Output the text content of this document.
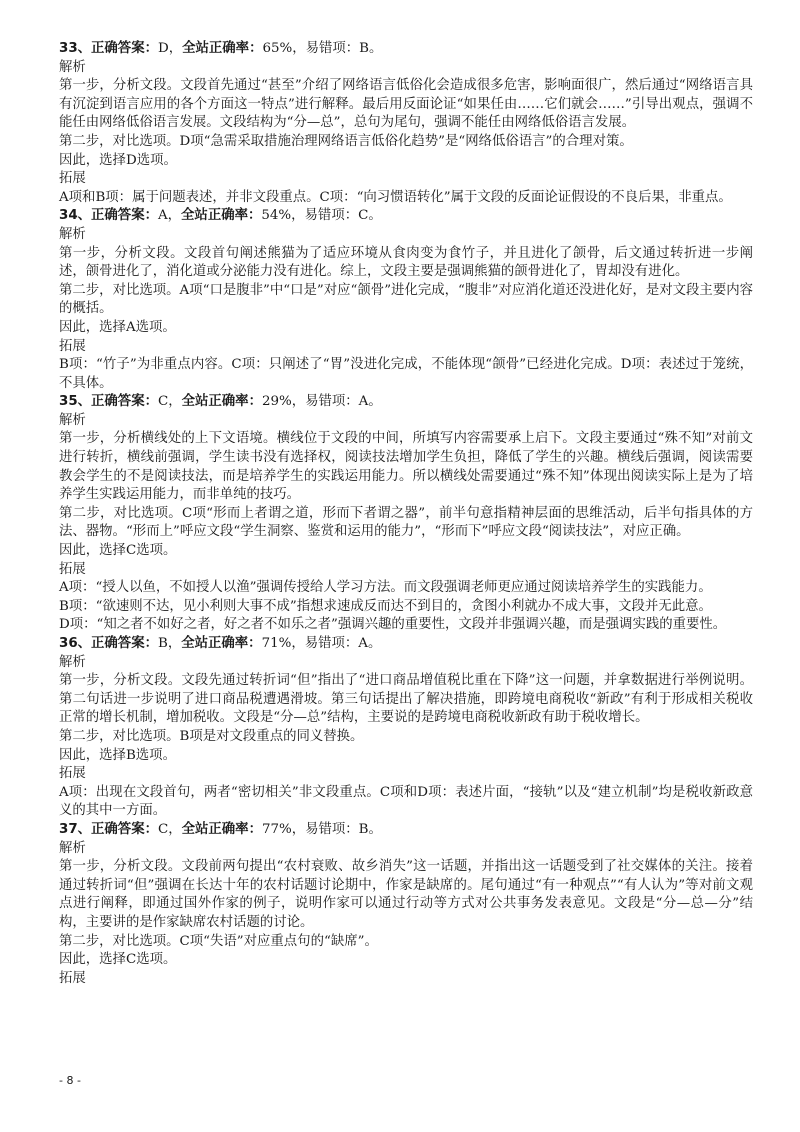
33、正确答案：D，全站正确率：65%，易错项：B。
解析
第一步，分析文段。文段首先通过“甚至”介绍了网络语言低俗化会造成很多危害，影响面很广，然后通过“网络语言具有沉淀到语言应用的各个方面这一特点”进行解释。最后用反面论证“如果任由……它们就会……”引导出观点，强调不能任由网络低俗语言发展。文段结构为“分—总”，总句为尾句，强调不能任由网络低俗语言发展。
第二步，对比选项。D项“急需采取措施治理网络语言低俗化趋势”是“网络低俗语言”的合理对策。
因此，选择D选项。
拓展
A项和B项：属于问题表述，并非文段重点。C项：“向习惯语转化”属于文段的反面论证假设的不良后果，非重点。
34、正确答案：A，全站正确率：54%，易错项：C。
解析
第一步，分析文段。文段首句阐述熊猫为了适应环境从食肉变为食竹子，并且进化了颌骨，后文通过转折进一步阐述，颌骨进化了，消化道或分泌能力没有进化。综上，文段主要是强调熊猫的颌骨进化了，胃却没有进化。
第二步，对比选项。A项“口是腹非”中“口是”对应“颌骨”进化完成，“腹非”对应消化道还没进化好，是对文段主要内容的概括。
因此，选择A选项。
拓展
B项：“竹子”为非重点内容。C项：只阐述了“胃”没进化完成，不能体现“颌骨”已经进化完成。D项：表述过于笼统，不具体。
35、正确答案：C，全站正确率：29%，易错项：A。
解析
第一步，分析横线处的上下文语境。横线位于文段的中间，所填写内容需要承上启下。文段主要通过“殊不知”对前文进行转折，横线前强调，学生读书没有选择权，阅读技法增加学生负担，降低了学生的兴趣。横线后强调，阅读需要教会学生的不是阅读技法，而是培养学生的实践运用能力。所以横线处需要通过“殊不知”体现出阅读实际上是为了培养学生实践运用能力，而非单纯的技巧。
第二步，对比选项。C项“形而上者谓之道，形而下者谓之器”，前半句意指精神层面的思维活动，后半句指具体的方法、器物。“形而上”呼应文段“学生洞察、鉴赏和运用的能力”，“形而下”呼应文段“阅读技法”，对应正确。
因此，选择C选项。
拓展
A项：“授人以鱼，不如授人以渔”强调传授给人学习方法。而文段强调老师更应通过阅读培养学生的实践能力。
B项：“欲速则不达，见小利则大事不成”指想求速成反而达不到目的，贪图小利就办不成大事，文段并无此意。
D项：“知之者不如好之者，好之者不如乐之者”强调兴趣的重要性，文段并非强调兴趣，而是强调实践的重要性。
36、正确答案：B，全站正确率：71%，易错项：A。
解析
第一步，分析文段。文段先通过转折词“但”指出了“进口商品增值税比重在下降”这一问题，并拿数据进行举例说明。第二句话进一步说明了进口商品税遭遇滑坡。第三句话提出了解决措施，即跨境电商税收“新政”有利于形成相关税收正常的增长机制，增加税收。文段是“分—总”结构，主要说的是跨境电商税收新政有助于税收增长。
第二步，对比选项。B项是对文段重点的同义替换。
因此，选择B选项。
拓展
A项：出现在文段首句，两者“密切相关”非文段重点。C项和D项：表述片面，“接轨”以及“建立机制”均是税收新政意义的其中一方面。
37、正确答案：C，全站正确率：77%，易错项：B。
解析
第一步，分析文段。文段前两句提出“农村衰败、故乡消失”这一话题，并指出这一话题受到了社交媒体的关注。接着通过转折词“但”强调在长达十年的农村话题讨论期中，作家是缺席的。尾句通过“有一种观点”“有人认为”等对前文观点进行阐释，即通过国外作家的例子，说明作家可以通过行动等方式对公共事务发表意见。文段是“分—总—分”结构，主要讲的是作家缺席农村话题的讨论。
第二步，对比选项。C项“失语”对应重点句的“缺席”。
因此，选择C选项。
拓展
- 8 -
